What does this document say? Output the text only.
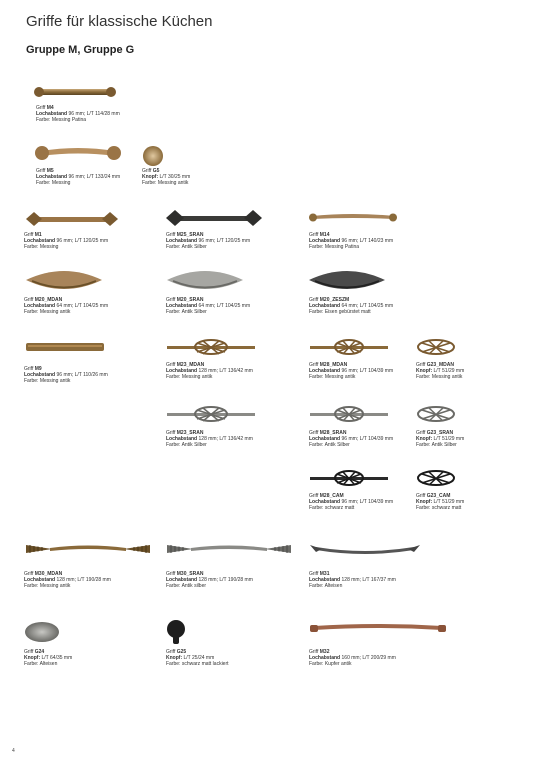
Griffe für klassische Küchen
Gruppe M, Gruppe G
Griff M4
Lochabstand 96 mm; L/T 114/28 mm
Farbe: Messing Patina
Griff M5
Lochabstand 96 mm; L/T 133/24 mm
Farbe: Messing
Griff G5
Knopf: L/T 30/25 mm
Farbe: Messing antik
Griff M1
Lochabstand 96 mm; L/T 120/25 mm
Farbe: Messing
Griff M25_SRAN
Lochabstand 96 mm; L/T 120/25 mm
Farbe: Antik Silber
Griff M14
Lochabstand 96 mm; L/T 140/23 mm
Farbe: Messing Patina
Griff M20_MDAN
Lochabstand 64 mm; L/T 104/25 mm
Farbe: Messing antik
Griff M20_SRAN
Lochabstand 64 mm; L/T 104/25 mm
Farbe: Antik Silber
Griff M20_ZESZM
Lochabstand 64 mm; L/T 104/25 mm
Farbe: Eisen gebürstet matt
Griff M9
Lochabstand 96 mm; L/T 110/26 mm
Farbe: Messing antik
Griff M23_MDAN
Lochabstand 128 mm; L/T 136/42 mm
Farbe: Messing antik
Griff M28_MDAN
Lochabstand 96 mm; L/T 104/39 mm
Farbe: Messing antik
Griff G23_MDAN
Knopf: L/T 51/29 mm
Farbe: Messing antik
Griff M23_SRAN
Lochabstand 128 mm; L/T 136/42 mm
Farbe: Antik Silber
Griff M28_SRAN
Lochabstand 96 mm; L/T 104/39 mm
Farbe: Antik Silber
Griff G23_SRAN
Knopf: L/T 51/29 mm
Farbe: Antik Silber
Griff M28_CAM
Lochabstand 96 mm; L/T 104/39 mm
Farbe: schwarz matt
Griff G23_CAM
Knopf: L/T 51/29 mm
Farbe: schwarz matt
Griff M30_MDAN
Lochabstand 128 mm; L/T 190/28 mm
Farbe: Messing antik
Griff M30_SRAN
Lochabstand 128 mm; L/T 190/28 mm
Farbe: Antik silber
Griff M31
Lochabstand 128 mm; L/T 167/37 mm
Farbe: Alteisen
Griff G24
Knopf: L/T 64/35 mm
Farbe: Alteisen
Griff G25
Knopf: L/T 25/24 mm
Farbe: schwarz matt lackiert
Griff M32
Lochabstand 160 mm; L/T 200/29 mm
Farbe: Kupfer antik
4
